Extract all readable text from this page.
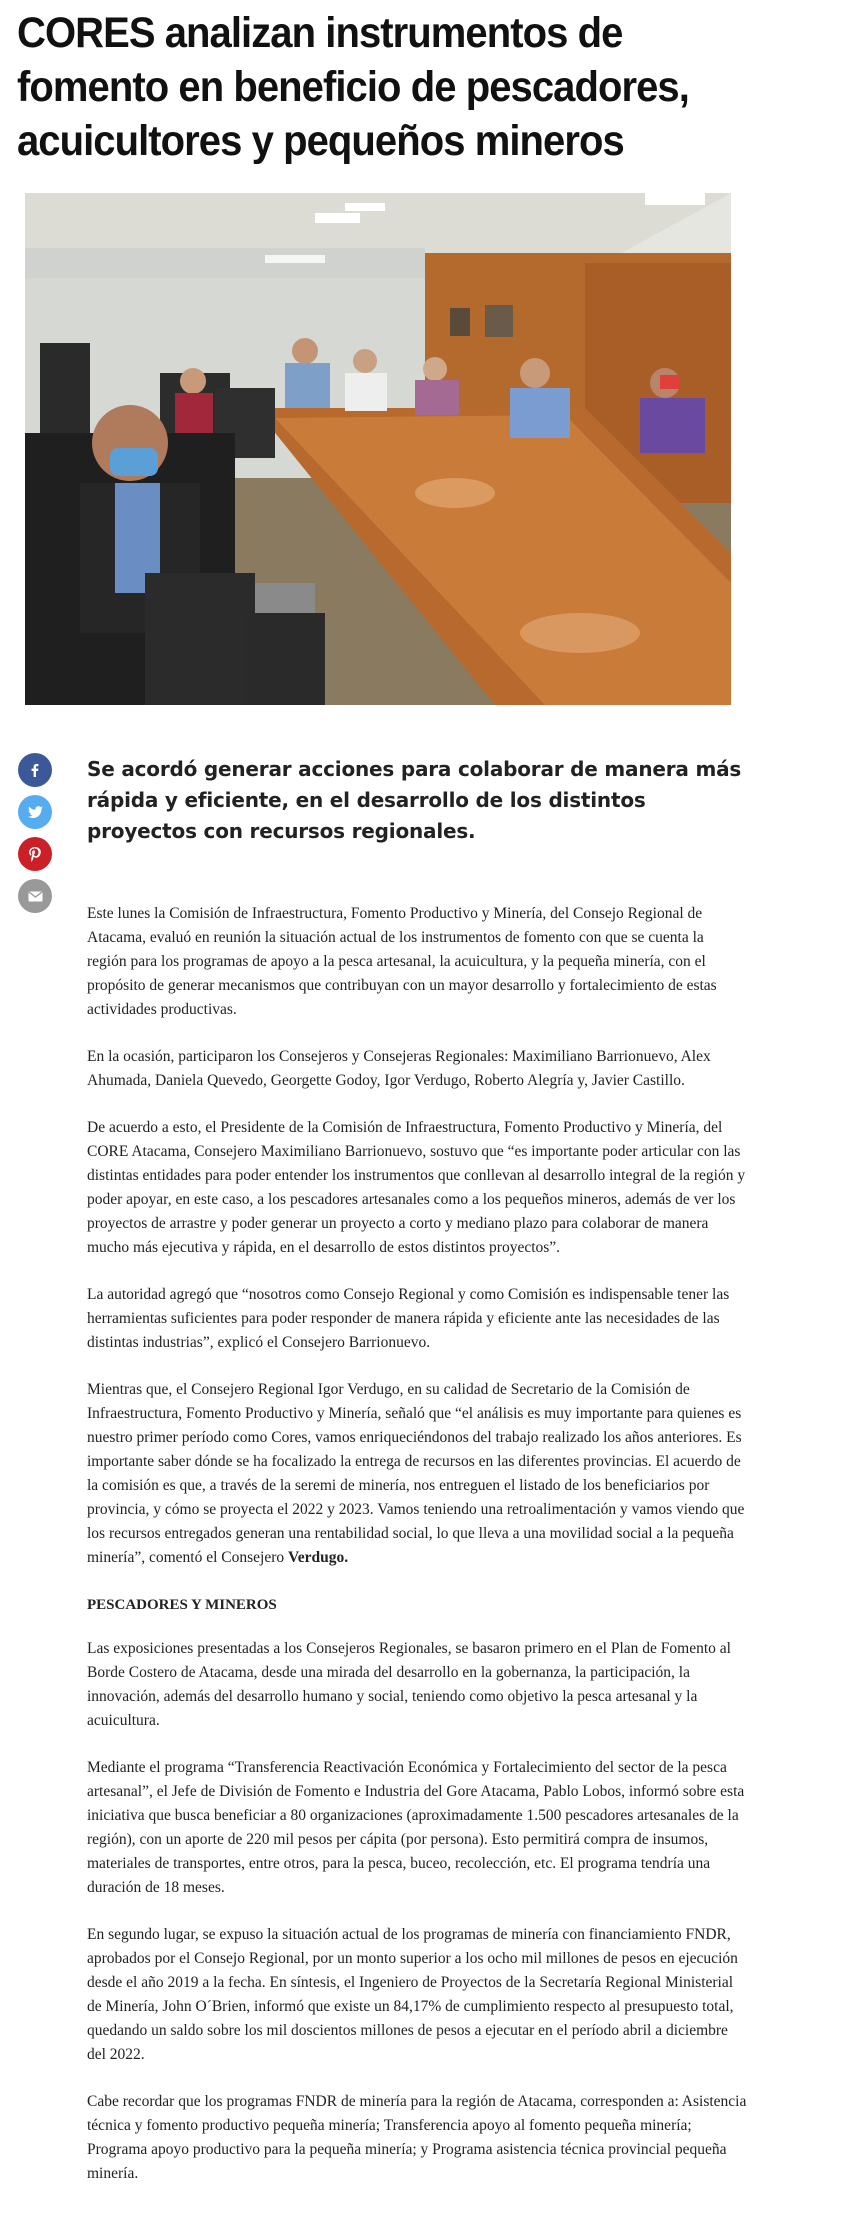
CORES analizan instrumentos de fomento en beneficio de pescadores, acuicultores y pequeños mineros

Se acordó generar acciones para colaborar de manera más rápida y eficiente, en el desarrollo de los distintos proyectos con recursos regionales.

Este lunes la Comisión de Infraestructura, Fomento Productivo y Minería, del Consejo Regional de Atacama, evaluó en reunión la situación actual de los instrumentos de fomento con que se cuenta la región para los programas de apoyo a la pesca artesanal, la acuicultura, y la pequeña minería, con el propósito de generar mecanismos que contribuyan con un mayor desarrollo y fortalecimiento de estas actividades productivas.

En la ocasión, participaron los Consejeros y Consejeras Regionales: Maximiliano Barrionuevo, Alex Ahumada, Daniela Quevedo, Georgette Godoy, Igor Verdugo, Roberto Alegría y, Javier Castillo.

De acuerdo a esto, el Presidente de la Comisión de Infraestructura, Fomento Productivo y Minería, del CORE Atacama, Consejero Maximiliano Barrionuevo, sostuvo que “es importante poder articular con las distintas entidades para poder entender los instrumentos que conllevan al desarrollo integral de la región y poder apoyar, en este caso, a los pescadores artesanales como a los pequeños mineros, además de ver los proyectos de arrastre y poder generar un proyecto a corto y mediano plazo para colaborar de manera mucho más ejecutiva y rápida, en el desarrollo de estos distintos proyectos”.

La autoridad agregó que “nosotros como Consejo Regional y como Comisión es indispensable tener las herramientas suficientes para poder responder de manera rápida y eficiente ante las necesidades de las distintas industrias”, explicó el Consejero Barrionuevo.

Mientras que, el Consejero Regional Igor Verdugo, en su calidad de Secretario de la Comisión de Infraestructura, Fomento Productivo y Minería, señaló que “el análisis es muy importante para quienes es nuestro primer período como Cores, vamos enriqueciéndonos del trabajo realizado los años anteriores. Es importante saber dónde se ha focalizado la entrega de recursos en las diferentes provincias. El acuerdo de la comisión es que, a través de la seremi de minería, nos entreguen el listado de los beneficiarios por provincia, y cómo se proyecta el 2022 y 2023. Vamos teniendo una retroalimentación y vamos viendo que los recursos entregados generan una rentabilidad social, lo que lleva a una movilidad social a la pequeña minería”, comentó el Consejero Verdugo.

PESCADORES Y MINEROS

Las exposiciones presentadas a los Consejeros Regionales, se basaron primero en el Plan de Fomento al Borde Costero de Atacama, desde una mirada del desarrollo en la gobernanza, la participación, la innovación, además del desarrollo humano y social, teniendo como objetivo la pesca artesanal y la acuicultura.

Mediante el programa “Transferencia Reactivación Económica y Fortalecimiento del sector de la pesca artesanal”, el Jefe de División de Fomento e Industria del Gore Atacama, Pablo Lobos, informó sobre esta iniciativa que busca beneficiar a 80 organizaciones (aproximadamente 1.500 pescadores artesanales de la región), con un aporte de 220 mil pesos per cápita (por persona). Esto permitirá compra de insumos, materiales de transportes, entre otros, para la pesca, buceo, recolección, etc. El programa tendría una duración de 18 meses.

En segundo lugar, se expuso la situación actual de los programas de minería con financiamiento FNDR, aprobados por el Consejo Regional, por un monto superior a los ocho mil millones de pesos en ejecución desde el año 2019 a la fecha. En síntesis, el Ingeniero de Proyectos de la Secretaría Regional Ministerial de Minería, John O´Brien, informó que existe un 84,17% de cumplimiento respecto al presupuesto total, quedando un saldo sobre los mil doscientos millones de pesos a ejecutar en el período abril a diciembre del 2022.

Cabe recordar que los programas FNDR de minería para la región de Atacama, corresponden a: Asistencia técnica y fomento productivo pequeña minería; Transferencia apoyo al fomento pequeña minería; Programa apoyo productivo para la pequeña minería; y Programa asistencia técnica provincial pequeña minería.
